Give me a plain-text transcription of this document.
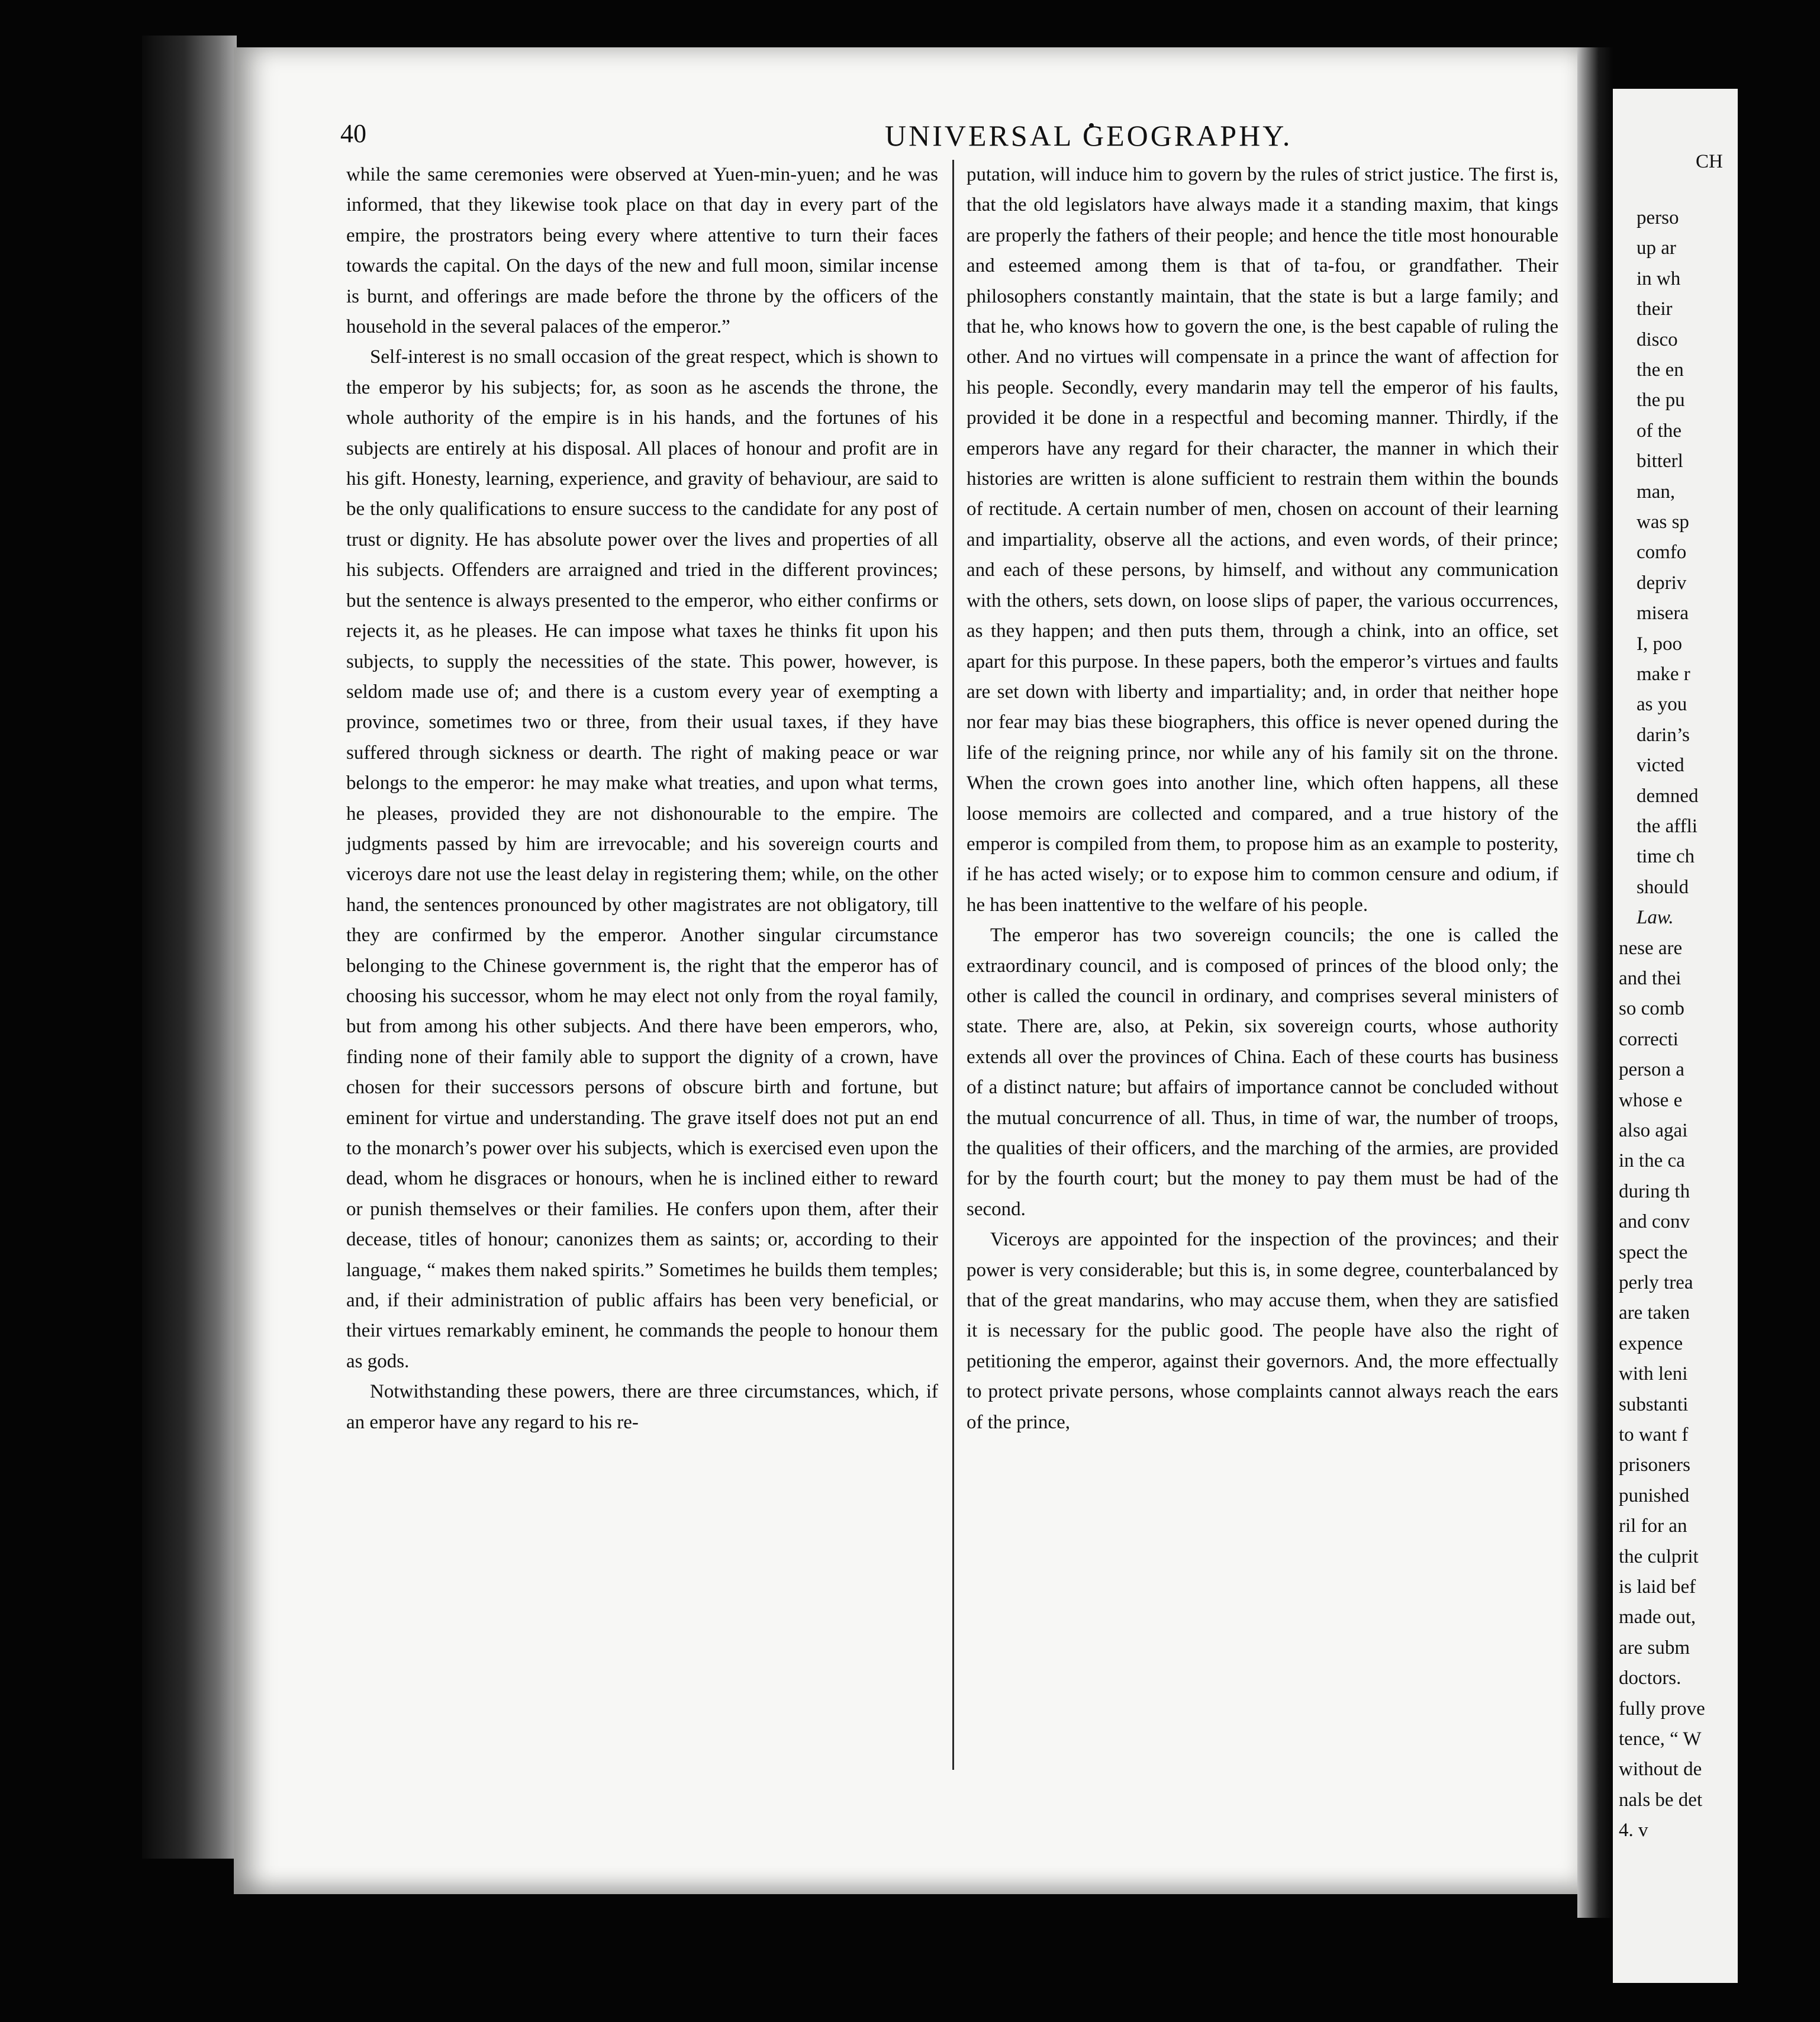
40	UNIVERSAL GEOGRAPHY.

while the same ceremonies were observed at Yuen-min-yuen; and he was informed, that they likewise took place on that day in every part of the empire, the prostrators being every where attentive to turn their faces towards the capital. On the days of the new and full moon, similar incense is burnt, and offerings are made before the throne by the officers of the household in the several palaces of the emperor.”

Self-interest is no small occasion of the great respect, which is shown to the emperor by his subjects; for, as soon as he ascends the throne, the whole authority of the empire is in his hands, and the fortunes of his subjects are entirely at his disposal. All places of honour and profit are in his gift. Honesty, learning, experience, and gravity of behaviour, are said to be the only qualifications to ensure success to the candidate for any post of trust or dignity. He has absolute power over the lives and properties of all his subjects. Offenders are arraigned and tried in the different provinces; but the sentence is always presented to the emperor, who either confirms or rejects it, as he pleases. He can impose what taxes he thinks fit upon his subjects, to supply the necessities of the state. This power, however, is seldom made use of; and there is a custom every year of exempting a province, sometimes two or three, from their usual taxes, if they have suffered through sickness or dearth. The right of making peace or war belongs to the emperor: he may make what treaties, and upon what terms, he pleases, provided they are not dishonourable to the empire. The judgments passed by him are irrevocable; and his sovereign courts and viceroys dare not use the least delay in registering them; while, on the other hand, the sentences pronounced by other magistrates are not obligatory, till they are confirmed by the emperor. Another singular circumstance belonging to the Chinese government is, the right that the emperor has of choosing his successor, whom he may elect not only from the royal family, but from among his other subjects. And there have been emperors, who, finding none of their family able to support the dignity of a crown, have chosen for their successors persons of obscure birth and fortune, but eminent for virtue and understanding. The grave itself does not put an end to the monarch’s power over his subjects, which is exercised even upon the dead, whom he disgraces or honours, when he is inclined either to reward or punish themselves or their families. He confers upon them, after their decease, titles of honour; canonizes them as saints; or, according to their language, “ makes them naked spirits.” Sometimes he builds them temples; and, if their administration of public affairs has been very beneficial, or their virtues remarkably eminent, he commands the people to honour them as gods.

Notwithstanding these powers, there are three circumstances, which, if an emperor have any regard to his re-

putation, will induce him to govern by the rules of strict justice. The first is, that the old legislators have always made it a standing maxim, that kings are properly the fathers of their people; and hence the title most honourable and esteemed among them is that of ta-fou, or grandfather. Their philosophers constantly maintain, that the state is but a large family; and that he, who knows how to govern the one, is the best capable of ruling the other. And no virtues will compensate in a prince the want of affection for his people. Secondly, every mandarin may tell the emperor of his faults, provided it be done in a respectful and becoming manner. Thirdly, if the emperors have any regard for their character, the manner in which their histories are written is alone sufficient to restrain them within the bounds of rectitude. A certain number of men, chosen on account of their learning and impartiality, observe all the actions, and even words, of their prince; and each of these persons, by himself, and without any communication with the others, sets down, on loose slips of paper, the various occurrences, as they happen; and then puts them, through a chink, into an office, set apart for this purpose. In these papers, both the emperor’s virtues and faults are set down with liberty and impartiality; and, in order that neither hope nor fear may bias these biographers, this office is never opened during the life of the reigning prince, nor while any of his family sit on the throne. When the crown goes into another line, which often happens, all these loose memoirs are collected and compared, and a true history of the emperor is compiled from them, to propose him as an example to posterity, if he has acted wisely; or to expose him to common censure and odium, if he has been inattentive to the welfare of his people.

The emperor has two sovereign councils; the one is called the extraordinary council, and is composed of princes of the blood only; the other is called the council in ordinary, and comprises several ministers of state. There are, also, at Pekin, six sovereign courts, whose authority extends all over the provinces of China. Each of these courts has business of a distinct nature; but affairs of importance cannot be concluded without the mutual concurrence of all. Thus, in time of war, the number of troops, the qualities of their officers, and the marching of the armies, are provided for by the fourth court; but the money to pay them must be had of the second.

Viceroys are appointed for the inspection of the provinces; and their power is very considerable; but this is, in some degree, counterbalanced by that of the great mandarins, who may accuse them, when they are satisfied it is necessary for the public good. The people have also the right of petitioning the emperor, against their governors. And, the more effectually to protect private persons, whose complaints cannot always reach the ears of the prince,

CH
perso
up ar
in wh
their
disco
the en
the pu
of the
bitterl
man,
was sp
comfo
depriv
misera
I, poo
make r
as you
darin’s
victed
demned
the affli
time ch
should
Law.
nese are
and thei
so comb
correcti
person a
whose e
also agai
in the ca
during th
and conv
spect the
perly trea
are taken
expence
with leni
substanti
to want f
prisoners
punished
ril for an
the culprit
is laid bef
made out,
are subm
doctors.
fully prove
tence, “ W
without de
nals be det
4. v
